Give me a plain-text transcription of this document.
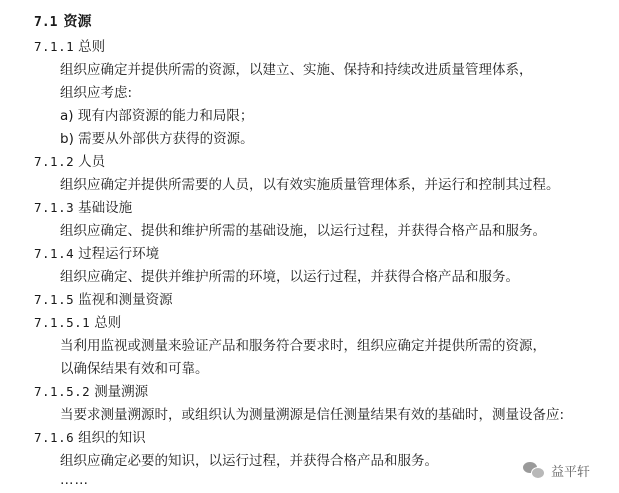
7.1 资源
7.1.1 总则
组织应确定并提供所需的资源，以建立、实施、保持和持续改进质量管理体系，
组织应考虑:
a) 现有内部资源的能力和局限；
b) 需要从外部供方获得的资源。
7.1.2 人员
组织应确定并提供所需要的人员，以有效实施质量管理体系，并运行和控制其过程。
7.1.3 基础设施
组织应确定、提供和维护所需的基础设施，以运行过程，并获得合格产品和服务。
7.1.4 过程运行环境
组织应确定、提供并维护所需的环境，以运行过程，并获得合格产品和服务。
7.1.5 监视和测量资源
7.1.5.1 总则
当利用监视或测量来验证产品和服务符合要求时，组织应确定并提供所需的资源，
以确保结果有效和可靠。
7.1.5.2 测量溯源
当要求测量溯源时，或组织认为测量溯源是信任测量结果有效的基础时，测量设备应:
7.1.6 组织的知识
组织应确定必要的知识，以运行过程，并获得合格产品和服务。
……	益平轩
